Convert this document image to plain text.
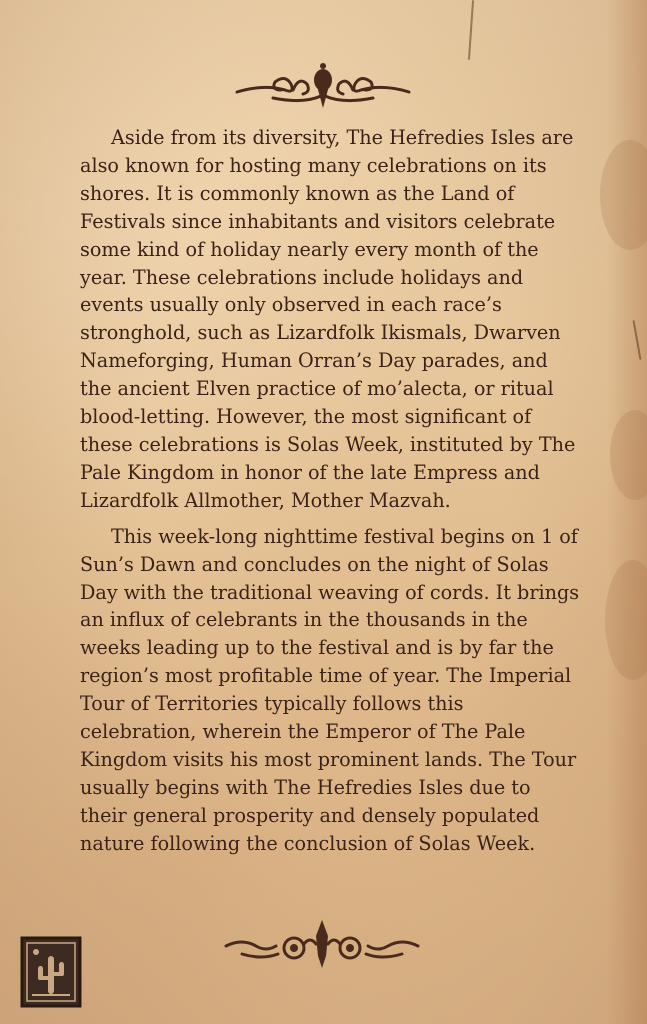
Aside from its diversity, The Hefredies Isles are also known for hosting many celebrations on its shores. It is commonly known as the Land of Festivals since inhabitants and visitors celebrate some kind of holiday nearly every month of the year. These celebrations include holidays and events usually only observed in each race’s stronghold, such as Lizardfolk Ikismals, Dwarven Nameforging, Human Orran’s Day parades, and the ancient Elven practice of mo’alecta, or ritual blood-letting. However, the most significant of these celebrations is Solas Week, instituted by The Pale Kingdom in honor of the late Empress and Lizardfolk Allmother, Mother Mazvah.

This week-long nighttime festival begins on 1 of Sun’s Dawn and concludes on the night of Solas Day with the traditional weaving of cords. It brings an influx of celebrants in the thousands in the weeks leading up to the festival and is by far the region’s most profitable time of year. The Imperial Tour of Territories typically follows this celebration, wherein the Emperor of The Pale Kingdom visits his most prominent lands. The Tour usually begins with The Hefredies Isles due to their general prosperity and densely populated nature following the conclusion of Solas Week.
